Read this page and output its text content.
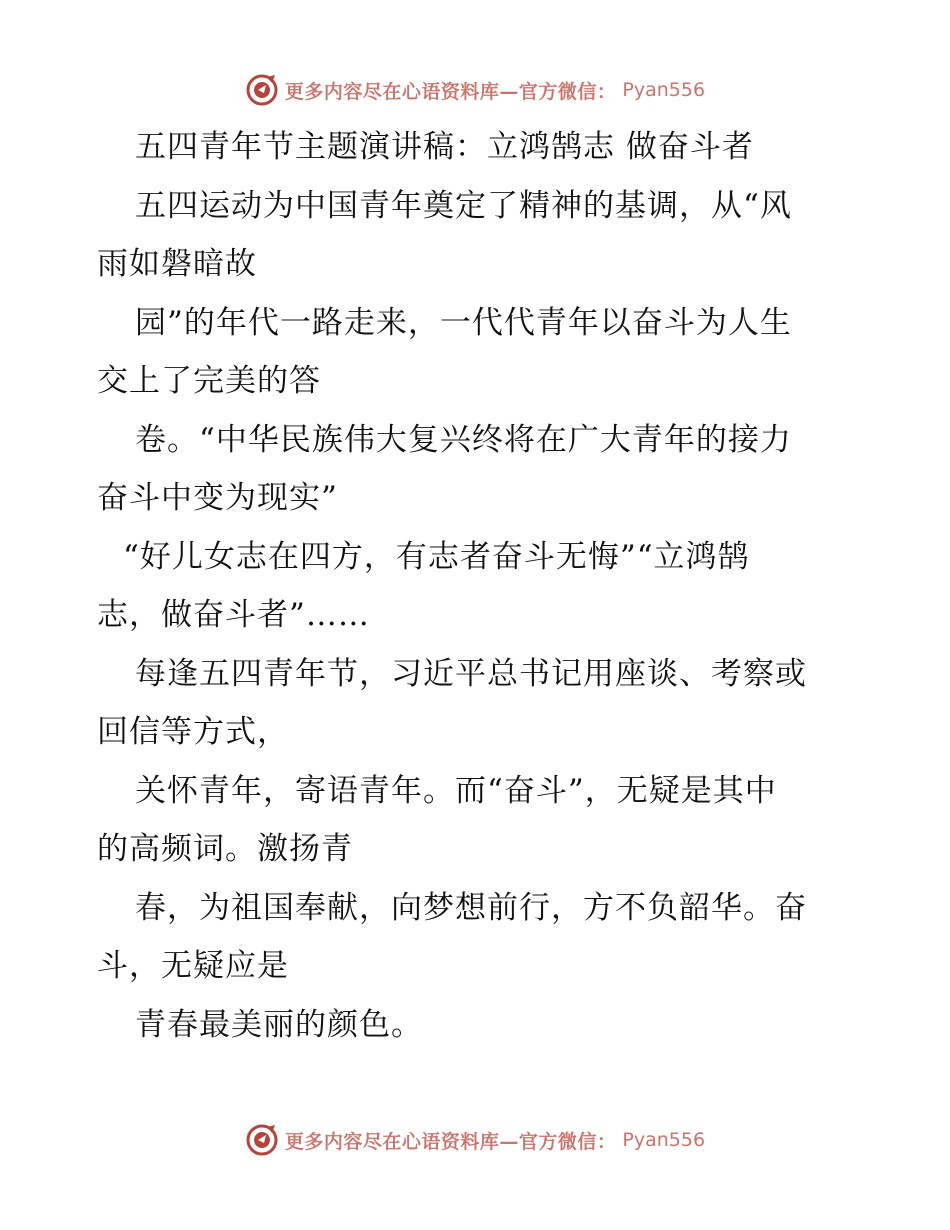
更多内容尽在心语资料库—官方微信： Pyan556
五四青年节主题演讲稿：立鸿鹄志 做奋斗者
五四运动为中国青年奠定了精神的基调，从“风
雨如磐暗故
园”的年代一路走来，一代代青年以奋斗为人生
交上了完美的答
卷。“中华民族伟大复兴终将在广大青年的接力
奋斗中变为现实”
“好儿女志在四方，有志者奋斗无悔”“立鸿鹄
志，做奋斗者”……
每逢五四青年节，习近平总书记用座谈、考察或
回信等方式，
关怀青年，寄语青年。而“奋斗”，无疑是其中
的高频词。激扬青
春，为祖国奉献，向梦想前行，方不负韶华。奋
斗，无疑应是
青春最美丽的颜色。
更多内容尽在心语资料库—官方微信： Pyan556
